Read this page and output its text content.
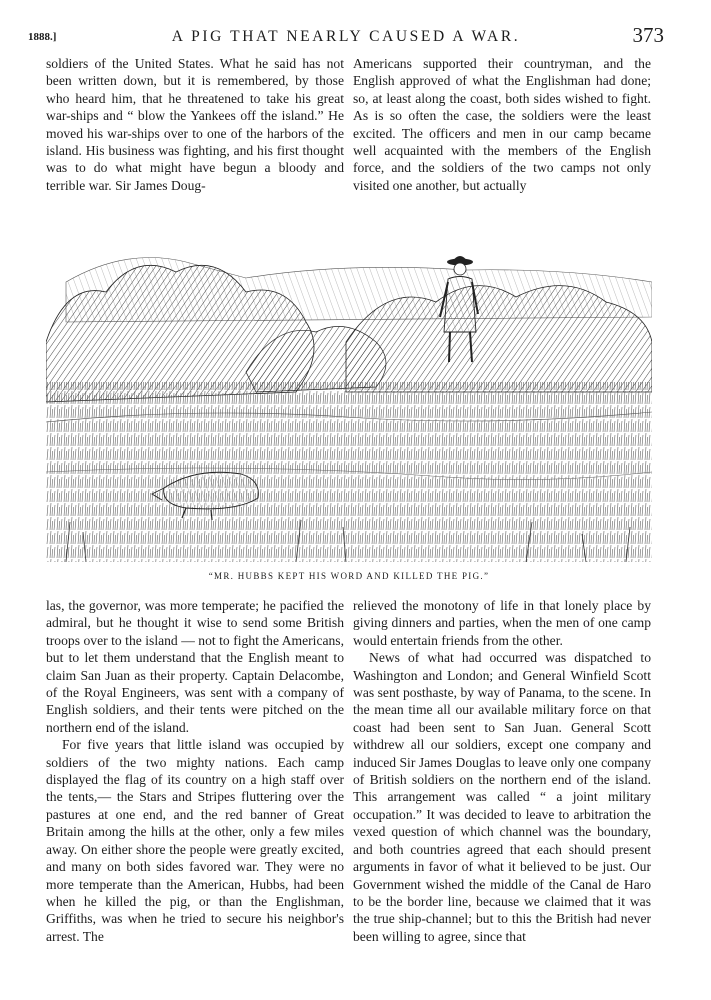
1888.]	A PIG THAT NEARLY CAUSED A WAR.	373

soldiers of the United States. What he said has not been written down, but it is remembered, by those who heard him, that he threatened to take his great war-ships and “ blow the Yankees off the island.” He moved his war-ships over to one of the harbors of the island. His business was fighting, and his first thought was to do what might have begun a bloody and terrible war. Sir James Doug-

Americans supported their countryman, and the English approved of what the Englishman had done; so, at least along the coast, both sides wished to fight. As is so often the case, the soldiers were the least excited. The officers and men in our camp became well acquainted with the members of the English force, and the soldiers of the two camps not only visited one another, but actually

“MR. HUBBS KEPT HIS WORD AND KILLED THE PIG.”

las, the governor, was more temperate; he pacified the admiral, but he thought it wise to send some British troops over to the island — not to fight the Americans, but to let them understand that the English meant to claim San Juan as their property. Captain Delacombe, of the Royal Engineers, was sent with a company of English soldiers, and their tents were pitched on the northern end of the island.

For five years that little island was occupied by soldiers of the two mighty nations. Each camp displayed the flag of its country on a high staff over the tents,— the Stars and Stripes fluttering over the pastures at one end, and the red banner of Great Britain among the hills at the other, only a few miles away. On either shore the people were greatly excited, and many on both sides favored war. They were no more temperate than the American, Hubbs, had been when he killed the pig, or than the Englishman, Griffiths, was when he tried to secure his neighbor's arrest. The

relieved the monotony of life in that lonely place by giving dinners and parties, when the men of one camp would entertain friends from the other.

News of what had occurred was dispatched to Washington and London; and General Winfield Scott was sent posthaste, by way of Panama, to the scene. In the mean time all our available military force on that coast had been sent to San Juan. General Scott withdrew all our soldiers, except one company and induced Sir James Douglas to leave only one company of British soldiers on the northern end of the island. This arrangement was called “ a joint military occupation.” It was decided to leave to arbitration the vexed question of which channel was the boundary, and both countries agreed that each should present arguments in favor of what it believed to be just. Our Government wished the middle of the Canal de Haro to be the border line, because we claimed that it was the true ship-channel; but to this the British had never been willing to agree, since that
